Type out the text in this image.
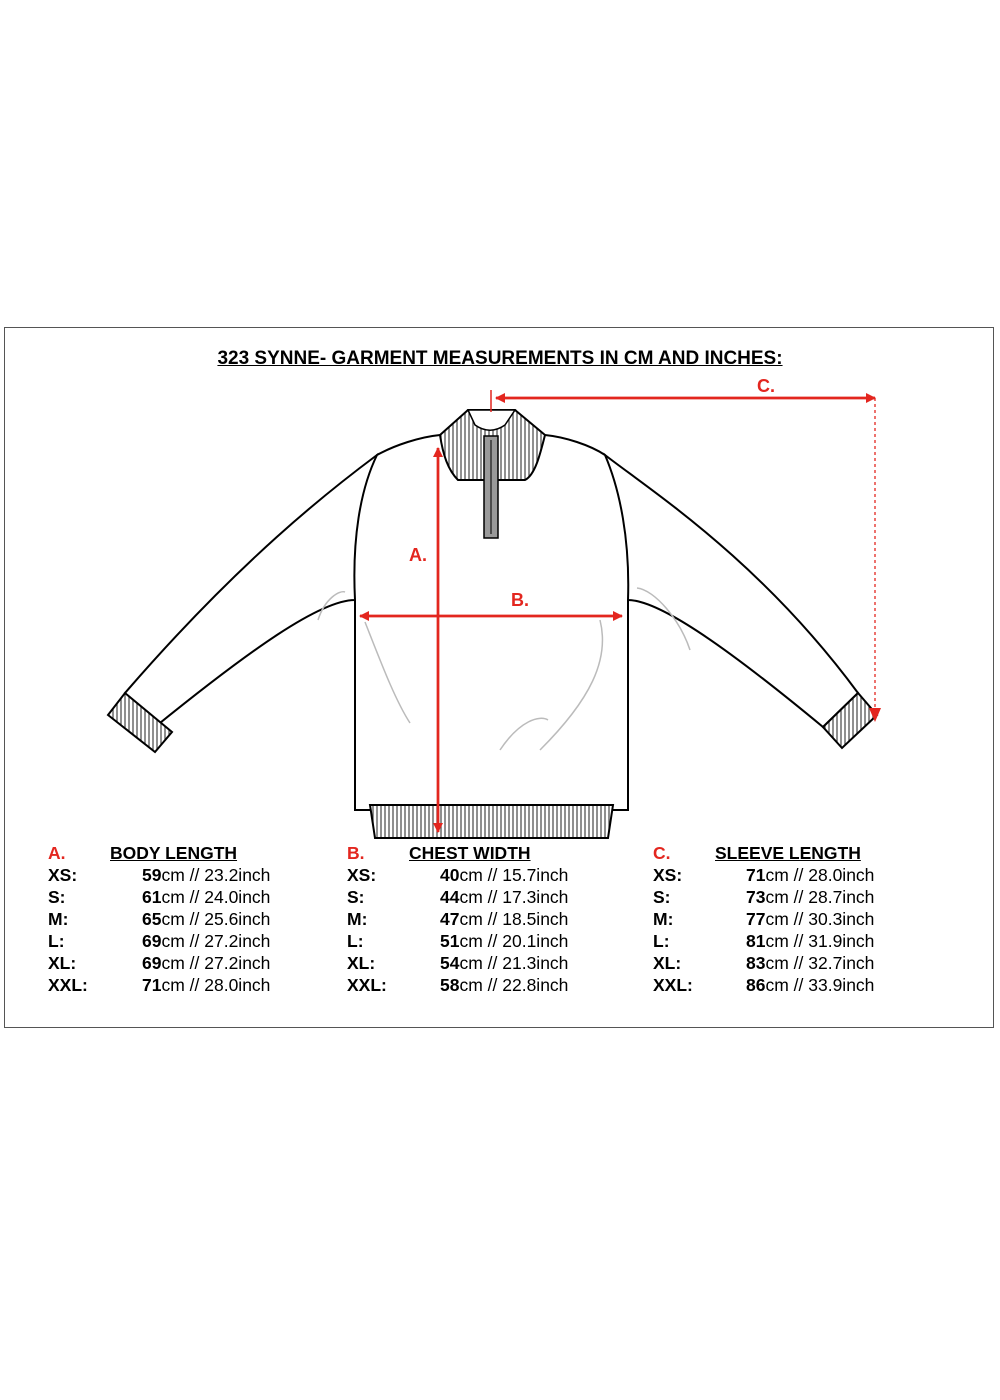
323 SYNNE- GARMENT MEASUREMENTS IN CM AND INCHES:
A.
B.
C.
A.	BODY LENGTH
XS:	59cm // 23.2inch
S:	61cm // 24.0inch
M:	65cm // 25.6inch
L:	69cm // 27.2inch
XL:	69cm // 27.2inch
XXL:	71cm // 28.0inch
B.	CHEST WIDTH
XS:	40cm // 15.7inch
S:	44cm // 17.3inch
M:	47cm // 18.5inch
L:	51cm // 20.1inch
XL:	54cm // 21.3inch
XXL:	58cm // 22.8inch
C.	SLEEVE LENGTH
XS:	71cm // 28.0inch
S:	73cm // 28.7inch
M:	77cm // 30.3inch
L:	81cm // 31.9inch
XL:	83cm // 32.7inch
XXL:	86cm // 33.9inch
